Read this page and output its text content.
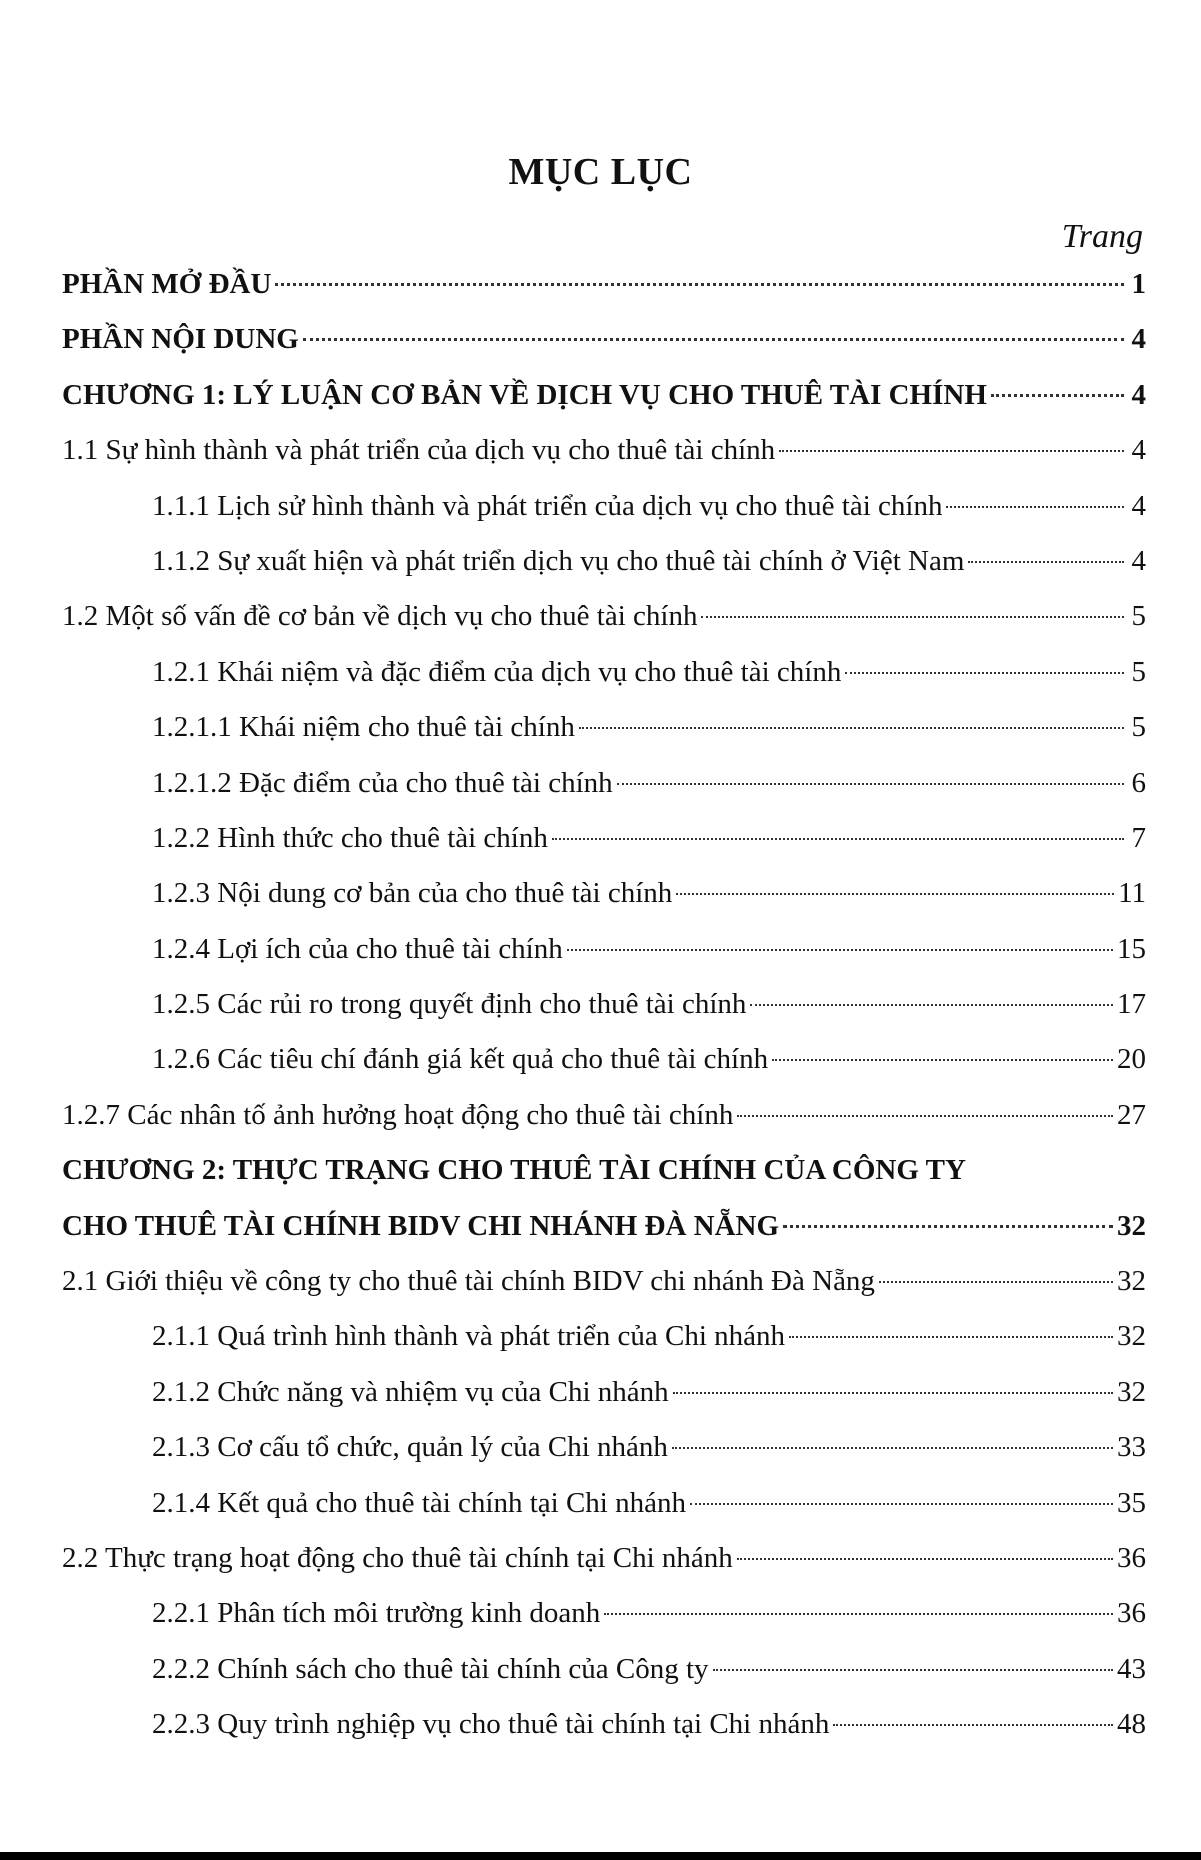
MỤC LỤC
Trang
PHẦN MỞ ĐẦU	1
PHẦN NỘI DUNG	4
CHƯƠNG 1: LÝ LUẬN CƠ BẢN VỀ DỊCH VỤ CHO THUÊ TÀI CHÍNH	4
1.1 Sự hình thành và phát triển của dịch vụ cho thuê tài chính	4
1.1.1 Lịch sử hình thành và phát triển của dịch vụ cho thuê tài chính	4
1.1.2 Sự xuất hiện và phát triển dịch vụ cho thuê tài chính ở Việt Nam	4
1.2 Một số vấn đề cơ bản về dịch vụ cho thuê tài chính	5
1.2.1 Khái niệm và đặc điểm của dịch vụ cho thuê tài chính	5
1.2.1.1 Khái niệm cho thuê tài chính	5
1.2.1.2 Đặc điểm của cho thuê tài chính	6
1.2.2 Hình thức cho thuê tài chính	7
1.2.3 Nội dung cơ bản của cho thuê tài chính	11
1.2.4 Lợi ích của cho thuê tài chính	15
1.2.5 Các rủi ro trong quyết định cho thuê tài chính	17
1.2.6 Các tiêu chí đánh giá kết quả cho thuê tài chính	20
1.2.7 Các nhân tố ảnh hưởng hoạt động cho thuê tài chính	27
CHƯƠNG 2: THỰC TRẠNG CHO THUÊ TÀI CHÍNH CỦA CÔNG TY
CHO THUÊ TÀI CHÍNH BIDV CHI NHÁNH ĐÀ NẴNG	32
2.1 Giới thiệu về công ty cho thuê tài chính BIDV chi nhánh Đà Nẵng	32
2.1.1 Quá trình hình thành và phát triển của Chi nhánh	32
2.1.2 Chức năng và nhiệm vụ của Chi nhánh	32
2.1.3 Cơ cấu tổ chức, quản lý của Chi nhánh	33
2.1.4 Kết quả cho thuê tài chính tại Chi nhánh	35
2.2 Thực trạng hoạt động cho thuê tài chính tại Chi nhánh	36
2.2.1 Phân tích môi trường kinh doanh	36
2.2.2 Chính sách cho thuê tài chính của Công ty	43
2.2.3 Quy trình nghiệp vụ cho thuê tài chính tại Chi nhánh	48
